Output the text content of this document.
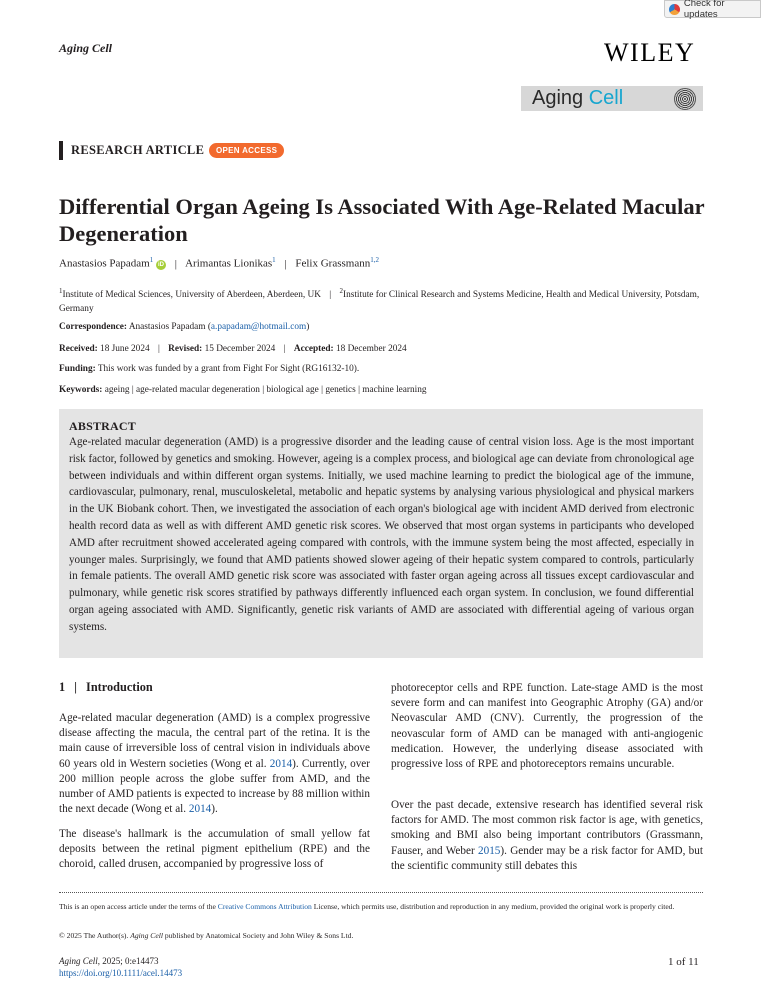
Check for updates
Aging Cell	WILEY
Aging Cell
RESEARCH ARTICLE	OPEN ACCESS
Differential Organ Ageing Is Associated With Age-Related Macular Degeneration
Anastasios Papadam$^1$ iD | Arimantas Lionikas$^1$ | Felix Grassmann$^{1,2}$
$^1$Institute of Medical Sciences, University of Aberdeen, Aberdeen, UK | $^2$Institute for Clinical Research and Systems Medicine, Health and Medical University, Potsdam, Germany
Correspondence: Anastasios Papadam (a.papadam@hotmail.com)
Received: 18 June 2024 | Revised: 15 December 2024 | Accepted: 18 December 2024
Funding: This work was funded by a grant from Fight For Sight (RG16132-10).
Keywords: ageing | age-related macular degeneration | biological age | genetics | machine learning
ABSTRACT
Age-related macular degeneration (AMD) is a progressive disorder and the leading cause of central vision loss. Age is the most important risk factor, followed by genetics and smoking. However, ageing is a complex process, and biological age can deviate from chronological age between individuals and within different organ systems. Initially, we used machine learning to predict the biological age of the immune, cardiovascular, pulmonary, renal, musculoskeletal, metabolic and hepatic systems by analysing various physiological and physical markers in the UK Biobank cohort. Then, we investigated the association of each organ's biological age with incident AMD derived from electronic health record data as well as with different AMD genetic risk scores. We observed that most organ systems in participants who developed AMD after recruitment showed accelerated ageing compared with controls, with the immune system being the most affected, especially in younger males. Surprisingly, we found that AMD patients showed slower ageing of their hepatic system compared to controls, particularly in female patients. The overall AMD genetic risk score was associated with faster organ ageing across all tissues except cardiovascular and pulmonary, while genetic risk scores stratified by pathways differently influenced each organ system. In conclusion, we found differential organ ageing associated with AMD. Significantly, genetic risk variants of AMD are associated with differential ageing of various organ systems.
1 | Introduction
Age-related macular degeneration (AMD) is a complex progressive disease affecting the macula, the central part of the retina. It is the main cause of irreversible loss of central vision in individuals above 60 years old in Western societies (Wong et al. 2014). Currently, over 200 million people across the globe suffer from AMD, and the number of AMD patients is expected to increase by 88 million within the next decade (Wong et al. 2014).
The disease's hallmark is the accumulation of small yellow fat deposits between the retinal pigment epithelium (RPE) and the choroid, called drusen, accompanied by progressive loss of
photoreceptor cells and RPE function. Late-stage AMD is the most severe form and can manifest into Geographic Atrophy (GA) and/or Neovascular AMD (CNV). Currently, the progression of the neovascular form of AMD can be managed with anti-angiogenic medication. However, the underlying disease associated with progressive loss of RPE and photoreceptors remains uncurable.
Over the past decade, extensive research has identified several risk factors for AMD. The most common risk factor is age, with genetics, smoking and BMI also being important contributors (Grassmann, Fauser, and Weber 2015). Gender may be a risk factor for AMD, but the scientific community still debates this
This is an open access article under the terms of the Creative Commons Attribution License, which permits use, distribution and reproduction in any medium, provided the original work is properly cited.
© 2025 The Author(s). Aging Cell published by Anatomical Society and John Wiley & Sons Ltd.
Aging Cell, 2025; 0:e14473
https://doi.org/10.1111/acel.14473
1 of 11
